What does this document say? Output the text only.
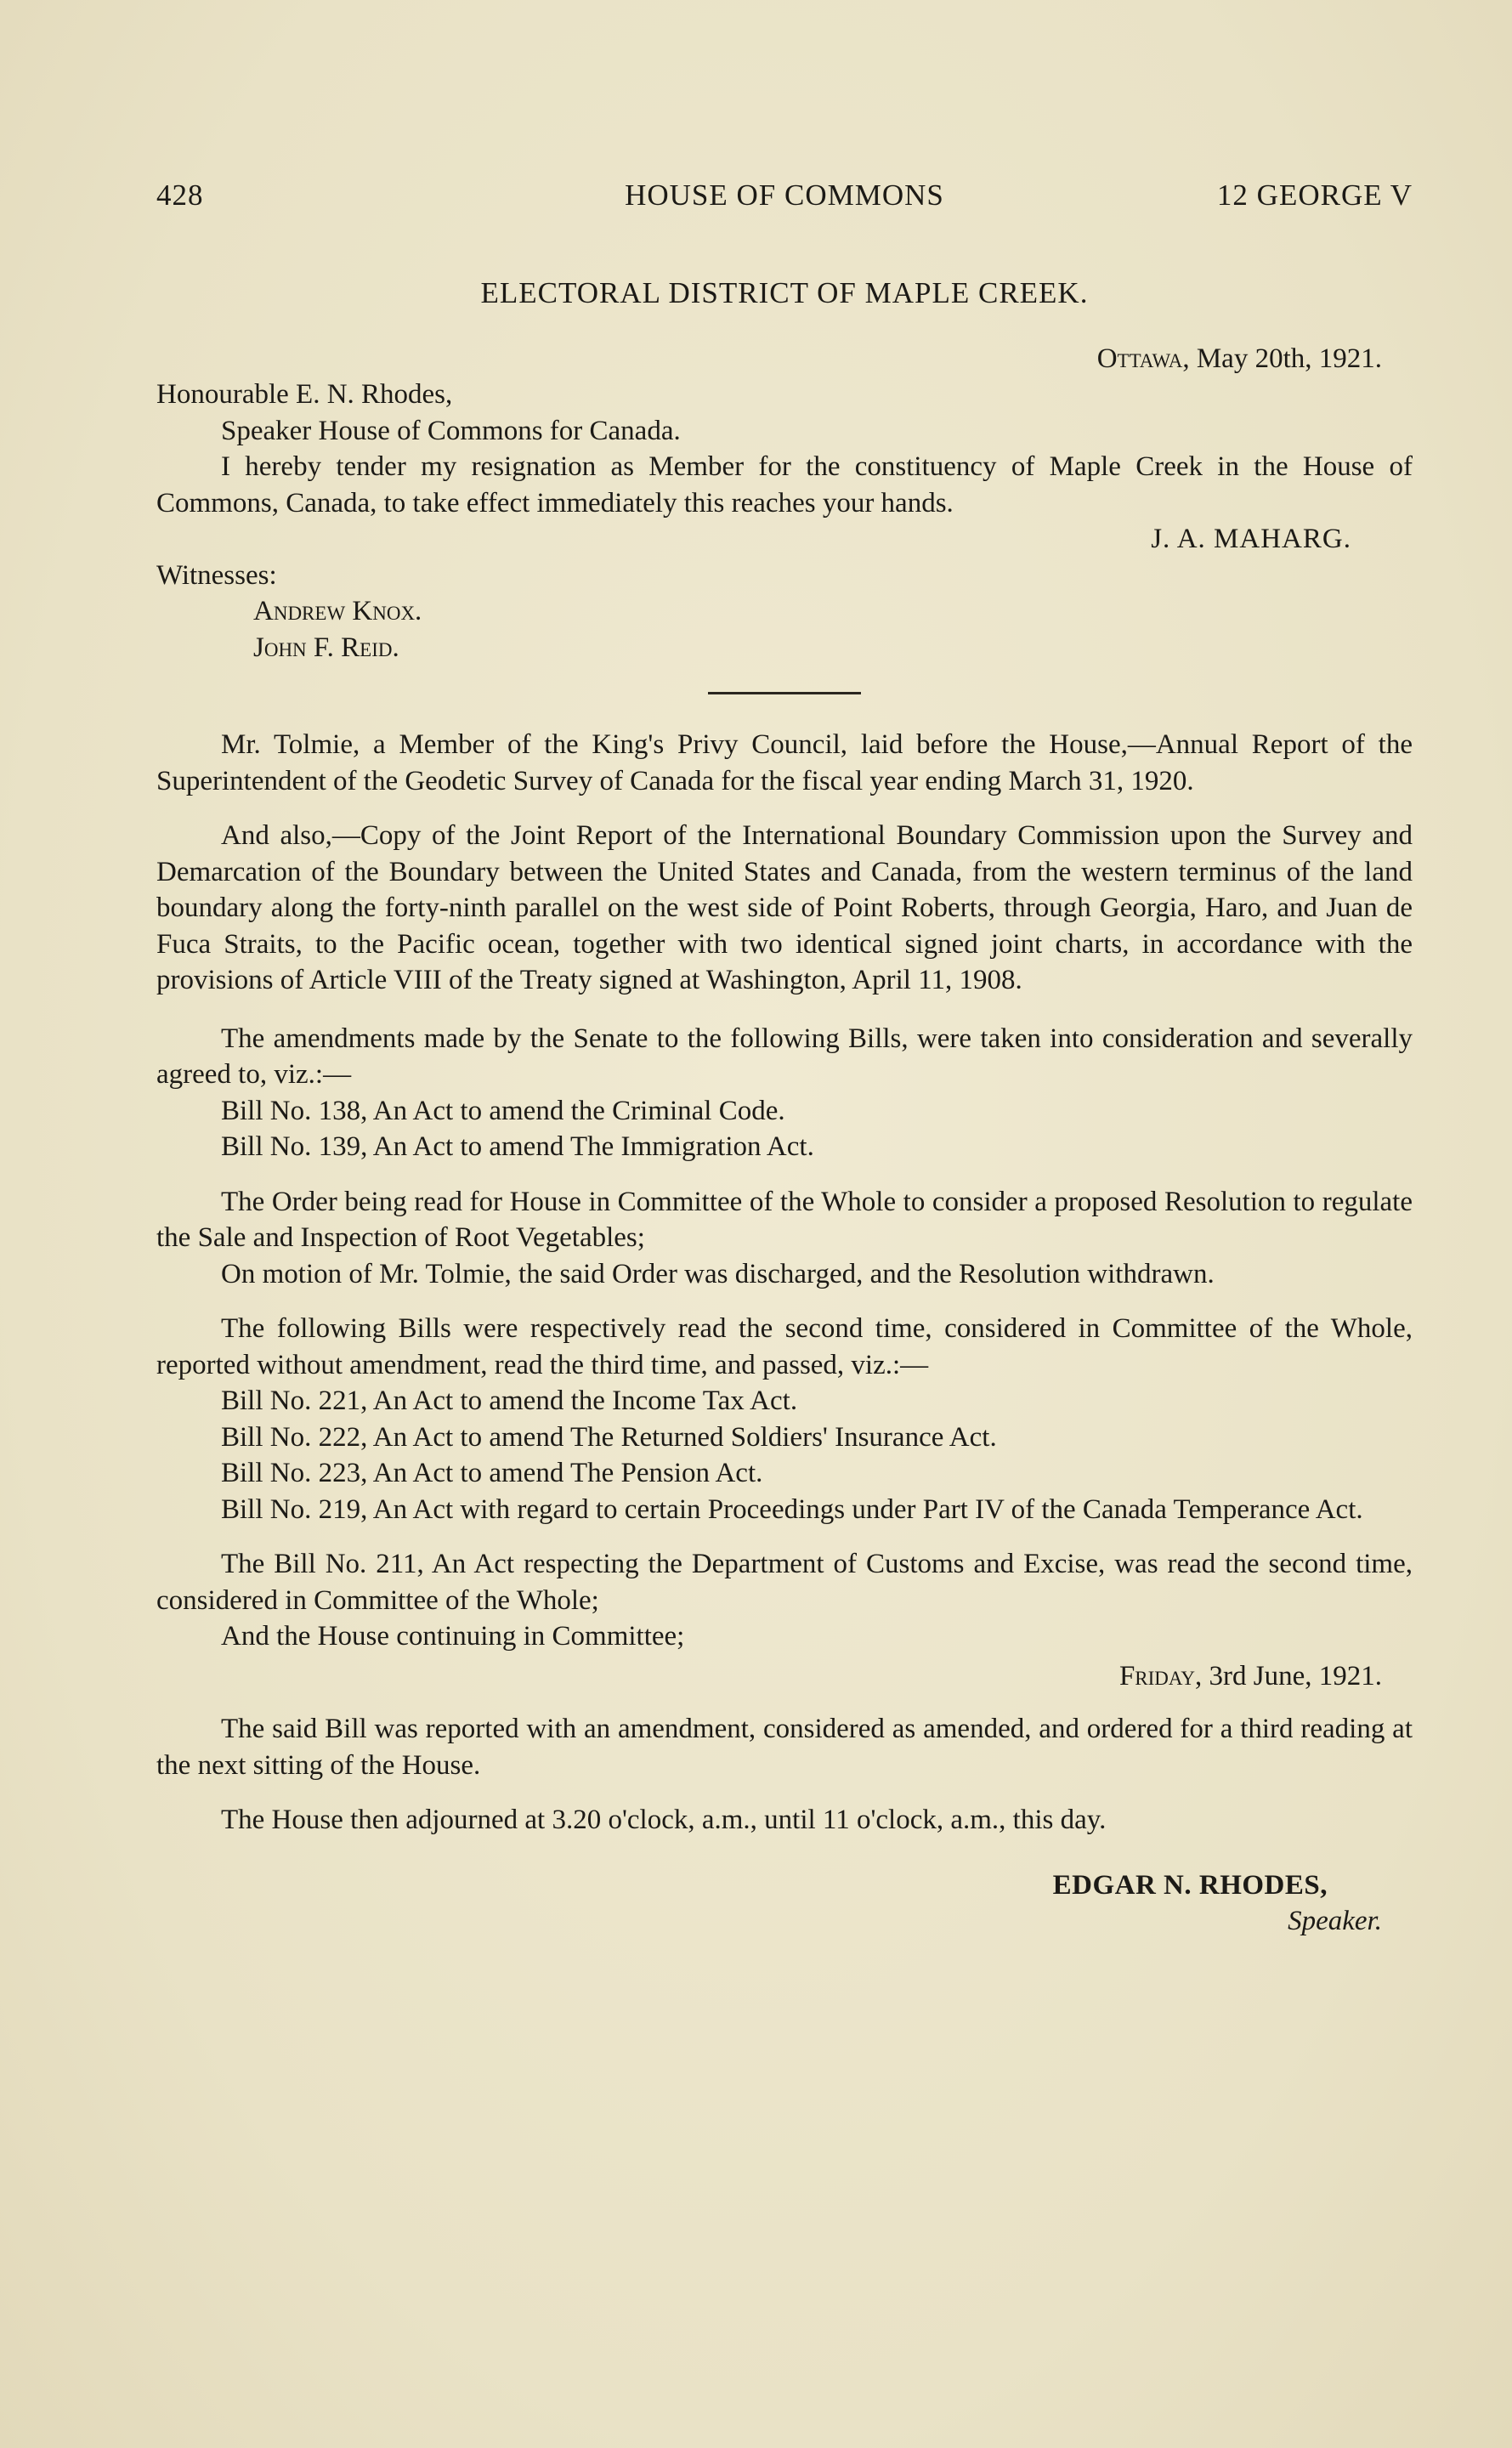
428	HOUSE OF COMMONS	12 GEORGE V

ELECTORAL DISTRICT OF MAPLE CREEK.

Ottawa, May 20th, 1921.

Honourable E. N. Rhodes,

Speaker House of Commons for Canada.

I hereby tender my resignation as Member for the constituency of Maple Creek in the House of Commons, Canada, to take effect immediately this reaches your hands.

J. A. MAHARG.

Witnesses:

Andrew Knox.

John F. Reid.

Mr. Tolmie, a Member of the King's Privy Council, laid before the House,—Annual Report of the Superintendent of the Geodetic Survey of Canada for the fiscal year ending March 31, 1920.

And also,—Copy of the Joint Report of the International Boundary Commission upon the Survey and Demarcation of the Boundary between the United States and Canada, from the western terminus of the land boundary along the forty-ninth parallel on the west side of Point Roberts, through Georgia, Haro, and Juan de Fuca Straits, to the Pacific ocean, together with two identical signed joint charts, in accordance with the provisions of Article VIII of the Treaty signed at Washington, April 11, 1908.

The amendments made by the Senate to the following Bills, were taken into consideration and severally agreed to, viz.:—

Bill No. 138, An Act to amend the Criminal Code.

Bill No. 139, An Act to amend The Immigration Act.

The Order being read for House in Committee of the Whole to consider a proposed Resolution to regulate the Sale and Inspection of Root Vegetables;

On motion of Mr. Tolmie, the said Order was discharged, and the Resolution withdrawn.

The following Bills were respectively read the second time, considered in Committee of the Whole, reported without amendment, read the third time, and passed, viz.:—

Bill No. 221, An Act to amend the Income Tax Act.

Bill No. 222, An Act to amend The Returned Soldiers' Insurance Act.

Bill No. 223, An Act to amend The Pension Act.

Bill No. 219, An Act with regard to certain Proceedings under Part IV of the Canada Temperance Act.

The Bill No. 211, An Act respecting the Department of Customs and Excise, was read the second time, considered in Committee of the Whole;

And the House continuing in Committee;

Friday, 3rd June, 1921.

The said Bill was reported with an amendment, considered as amended, and ordered for a third reading at the next sitting of the House.

The House then adjourned at 3.20 o'clock, a.m., until 11 o'clock, a.m., this day.

EDGAR N. RHODES,

Speaker.
